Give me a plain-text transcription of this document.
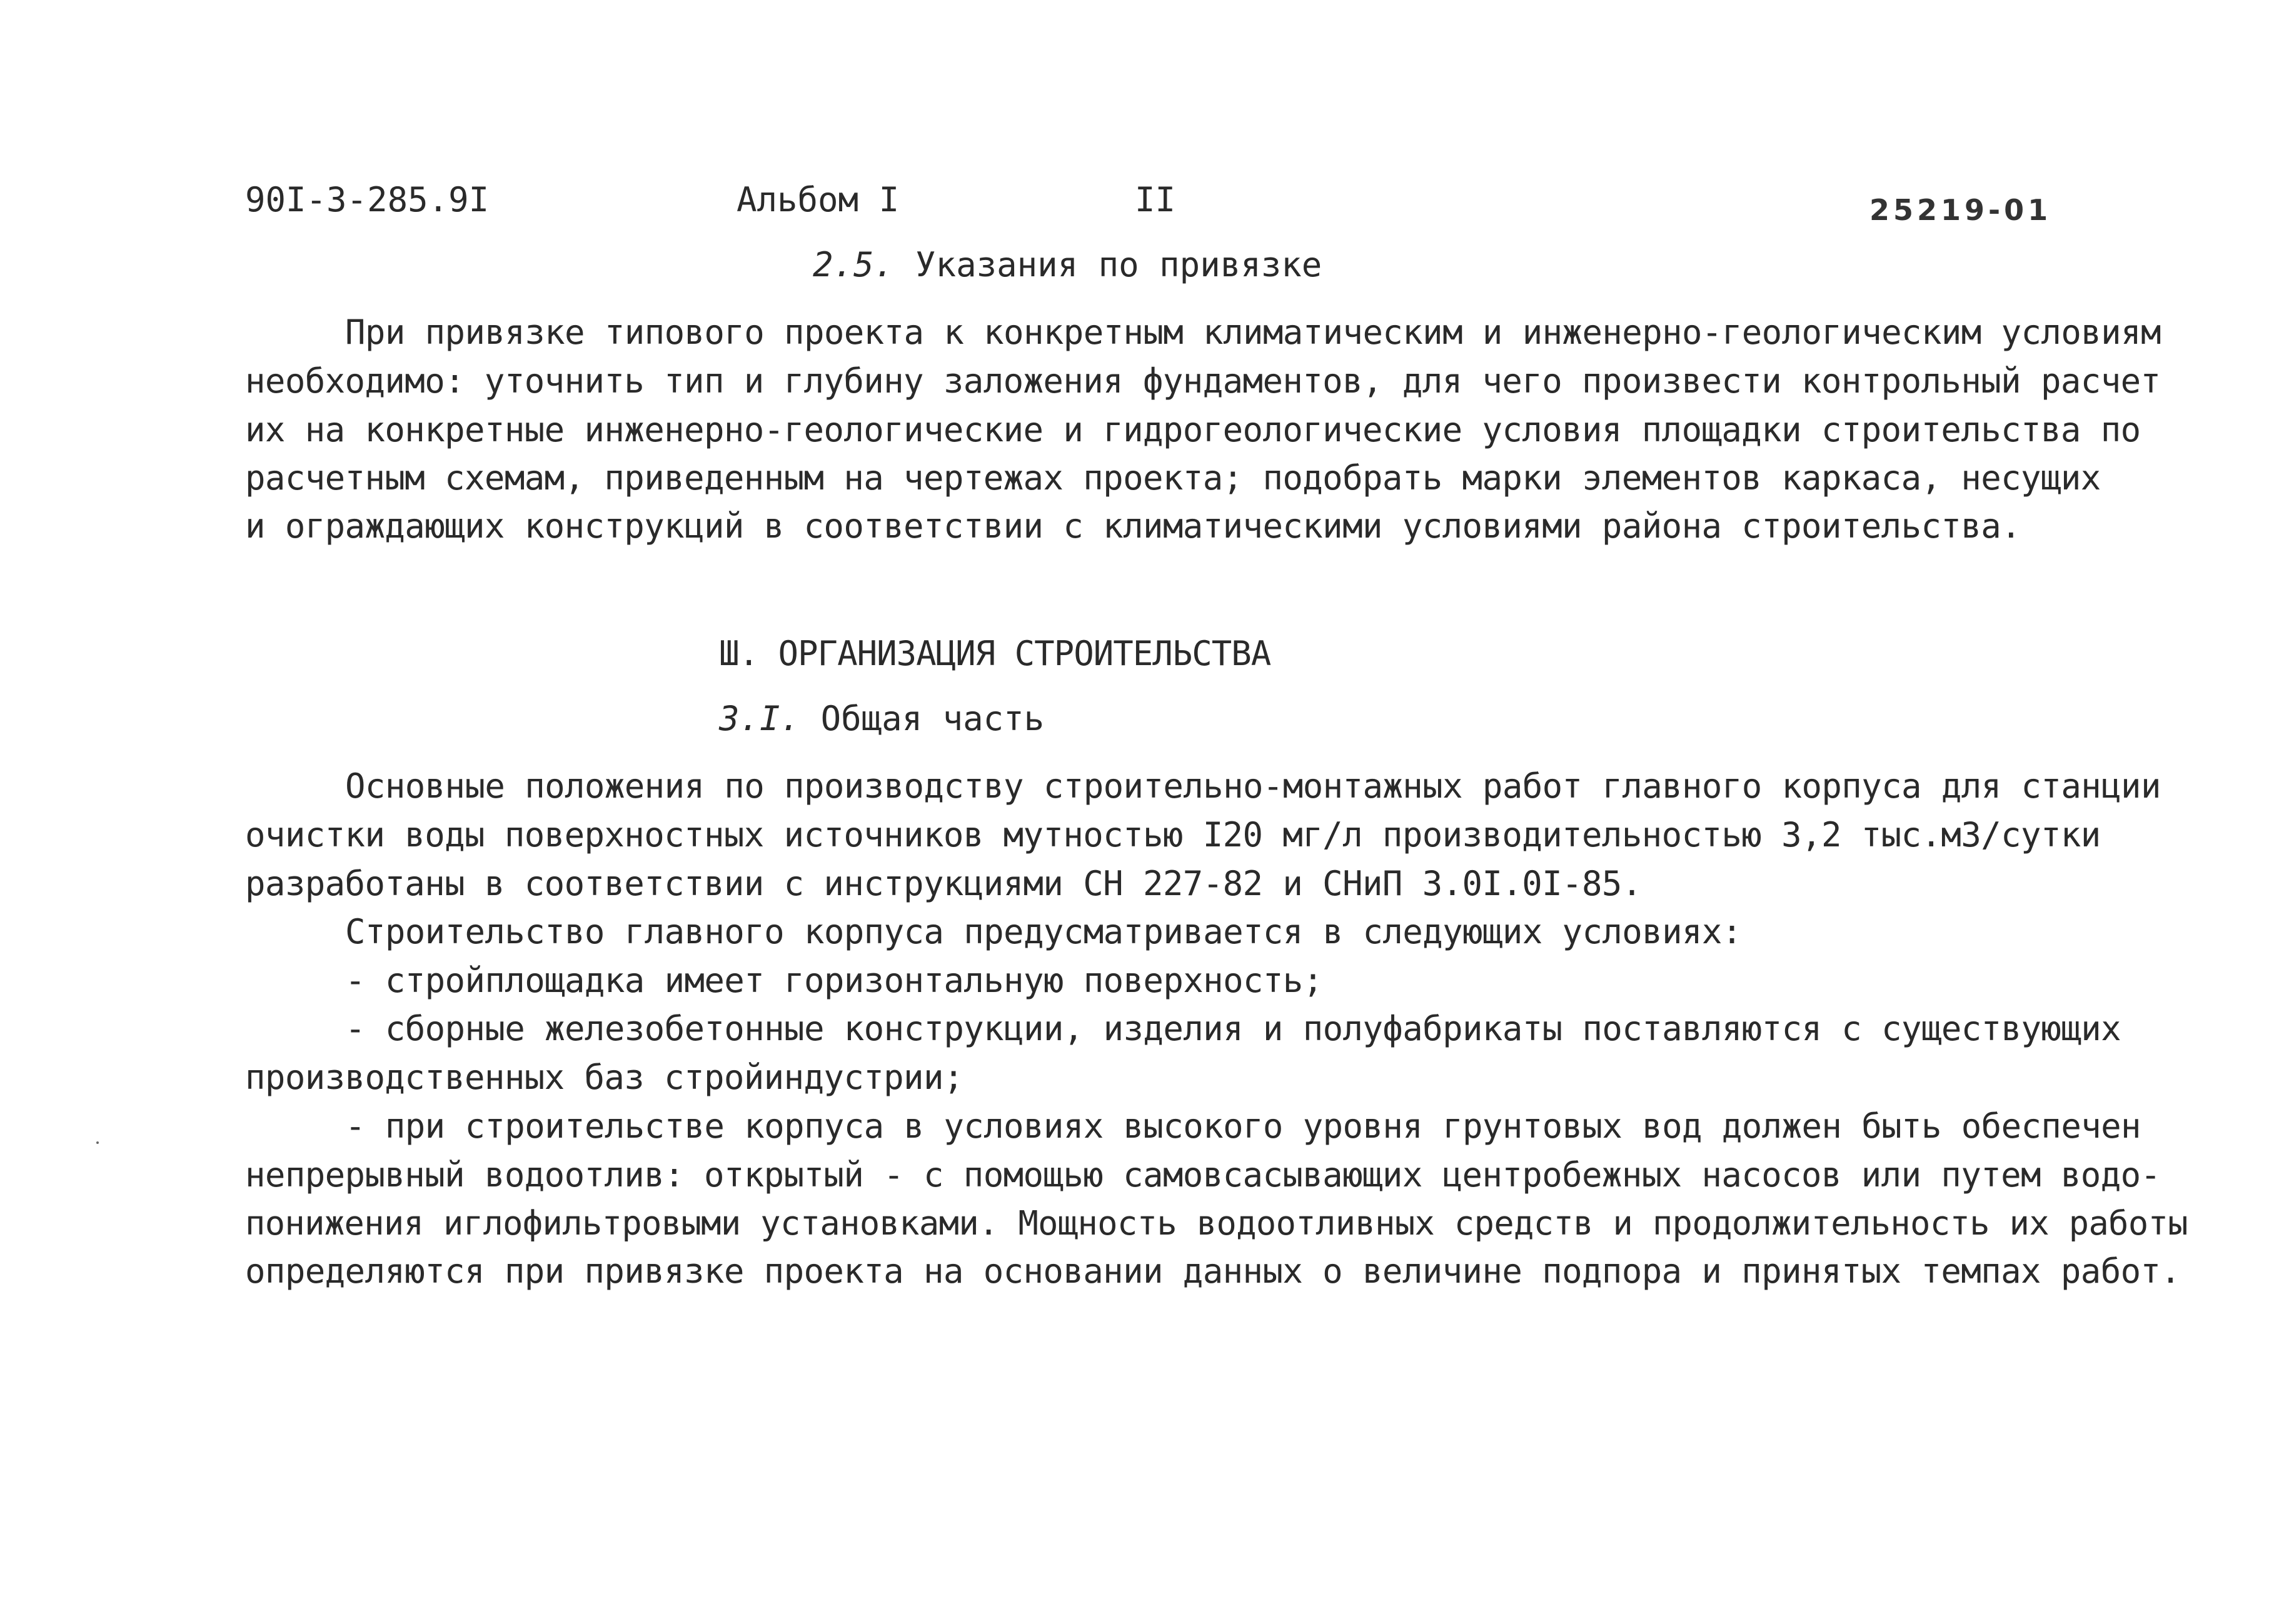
90I-3-285.9I	Альбом I	II	25219-01
2.5. Указания по привязке
При привязке типового проекта к конкретным климатическим и инженерно-геологическим условиям
необходимо: уточнить тип и глубину заложения фундаментов, для чего произвести контрольный расчет
их на конкретные инженерно-геологические и гидрогеологические условия площадки строительства по
расчетным схемам, приведенным на чертежах проекта; подобрать марки элементов каркаса, несущих
и ограждающих конструкций в соответствии с климатическими условиями района строительства.
Ш. ОРГАНИЗАЦИЯ СТРОИТЕЛЬСТВА
3.I. Общая часть
Основные положения по производству строительно-монтажных работ главного корпуса для станции
очистки воды поверхностных источников мутностью I20 мг/л производительностью 3,2 тыс.м3/сутки
разработаны в соответствии с инструкциями СН 227-82 и СНиП 3.0I.0I-85.
Строительство главного корпуса предусматривается в следующих условиях:
- стройплощадка имеет горизонтальную поверхность;
- сборные железобетонные конструкции, изделия и полуфабрикаты поставляются с существующих
производственных баз стройиндустрии;
- при строительстве корпуса в условиях высокого уровня грунтовых вод должен быть обеспечен
непрерывный водоотлив: открытый - с помощью самовсасывающих центробежных насосов или путем водо-
понижения иглофильтровыми установками. Мощность водоотливных средств и продолжительность их работы
определяются при привязке проекта на основании данных о величине подпора и принятых темпах работ.
